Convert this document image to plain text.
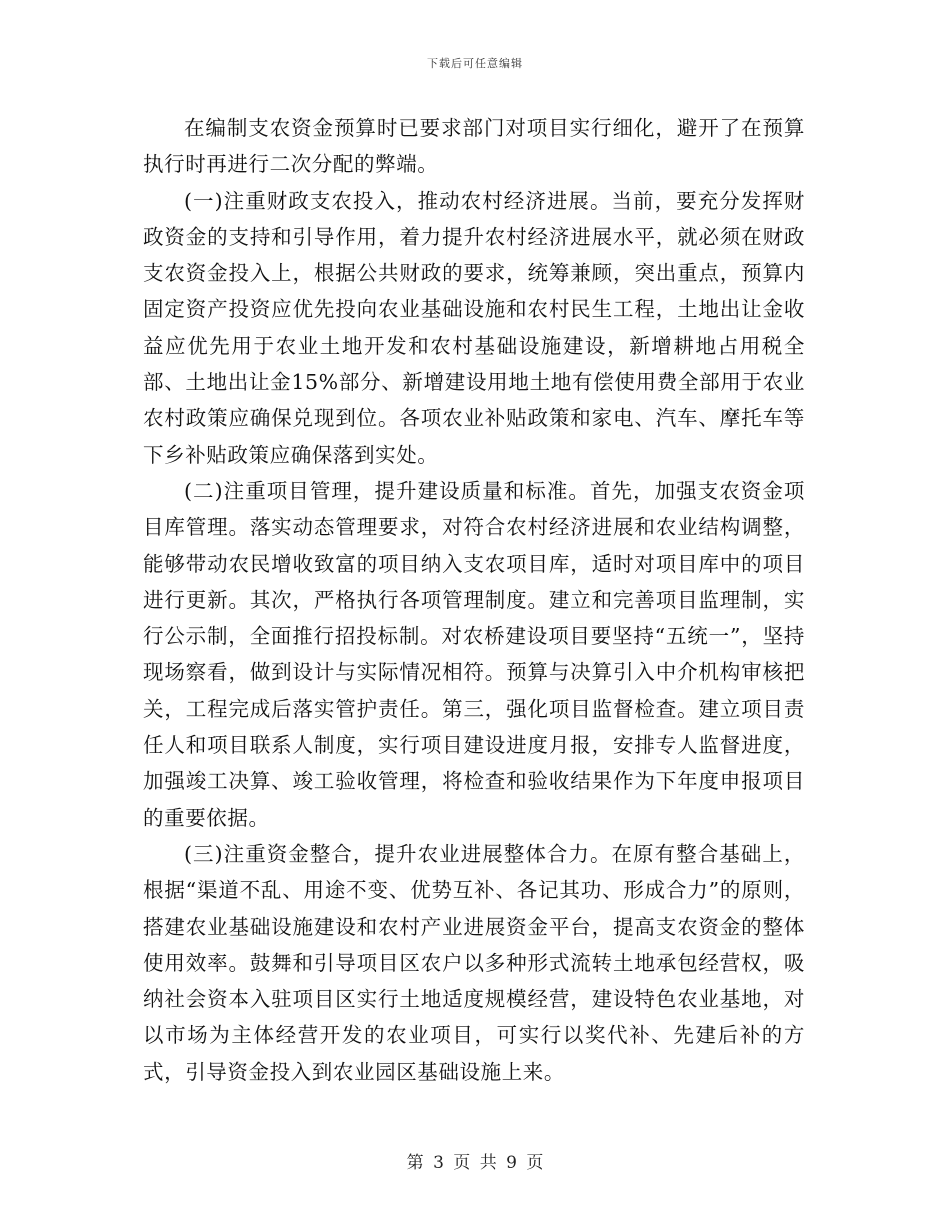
下载后可任意编辑

在编制支农资金预算时已要求部门对项目实行细化，避开了在预算执行时再进行二次分配的弊端。

(一)注重财政支农投入，推动农村经济进展。当前，要充分发挥财政资金的支持和引导作用，着力提升农村经济进展水平，就必须在财政支农资金投入上，根据公共财政的要求，统筹兼顾，突出重点，预算内固定资产投资应优先投向农业基础设施和农村民生工程，土地出让金收益应优先用于农业土地开发和农村基础设施建设，新增耕地占用税全部、土地出让金15%部分、新增建设用地土地有偿使用费全部用于农业农村政策应确保兑现到位。各项农业补贴政策和家电、汽车、摩托车等下乡补贴政策应确保落到实处。

(二)注重项目管理，提升建设质量和标准。首先，加强支农资金项目库管理。落实动态管理要求，对符合农村经济进展和农业结构调整，能够带动农民增收致富的项目纳入支农项目库，适时对项目库中的项目进行更新。其次，严格执行各项管理制度。建立和完善项目监理制，实行公示制，全面推行招投标制。对农桥建设项目要坚持“五统一”，坚持现场察看，做到设计与实际情况相符。预算与决算引入中介机构审核把关，工程完成后落实管护责任。第三，强化项目监督检查。建立项目责任人和项目联系人制度，实行项目建设进度月报，安排专人监督进度，加强竣工决算、竣工验收管理，将检查和验收结果作为下年度申报项目的重要依据。

(三)注重资金整合，提升农业进展整体合力。在原有整合基础上，根据“渠道不乱、用途不变、优势互补、各记其功、形成合力”的原则，搭建农业基础设施建设和农村产业进展资金平台，提高支农资金的整体使用效率。鼓舞和引导项目区农户以多种形式流转土地承包经营权，吸纳社会资本入驻项目区实行土地适度规模经营，建设特色农业基地，对以市场为主体经营开发的农业项目，可实行以奖代补、先建后补的方式，引导资金投入到农业园区基础设施上来。

第 3 页 共 9 页
